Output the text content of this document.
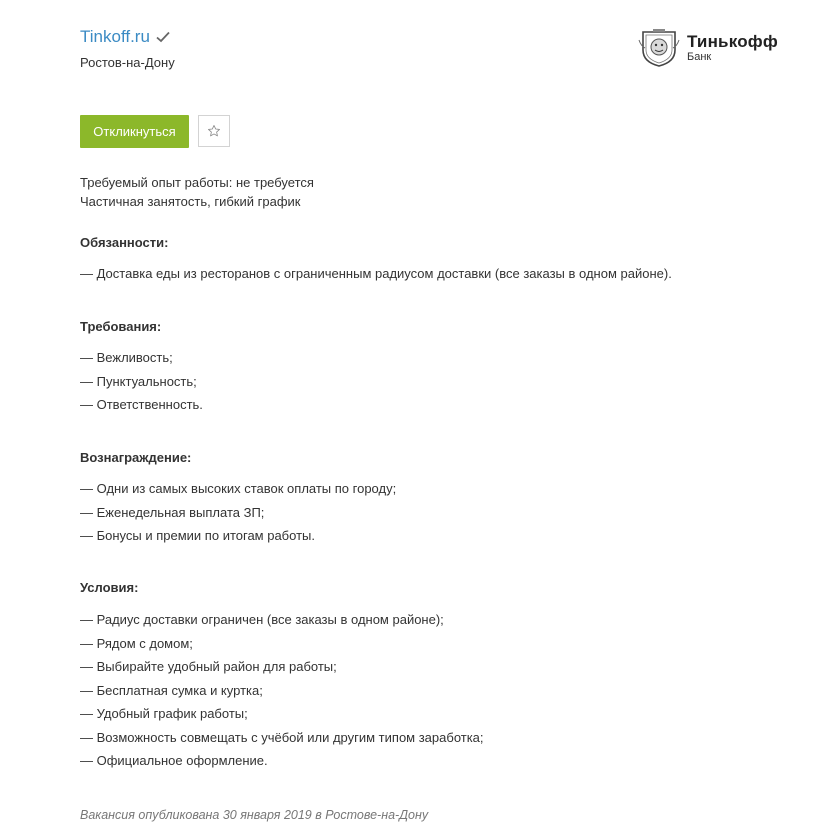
Tinkoff.ru
Ростов-на-Дону
Тинькофф
Банк
Откликнуться
Требуемый опыт работы: не требуется
Частичная занятость, гибкий график
Обязанности:
— Доставка еды из ресторанов с ограниченным радиусом доставки (все заказы в одном районе).
Требования:
— Вежливость;
— Пунктуальность;
— Ответственность.
Вознаграждение:
— Одни из самых высоких ставок оплаты по городу;
— Еженедельная выплата ЗП;
— Бонусы и премии по итогам работы.
Условия:
— Радиус доставки ограничен (все заказы в одном районе);
— Рядом с домом;
— Выбирайте удобный район для работы;
— Бесплатная сумка и куртка;
— Удобный график работы;
— Возможность совмещать с учёбой или другим типом заработка;
— Официальное оформление.
Вакансия опубликована 30 января 2019 в Ростове-на-Дону
